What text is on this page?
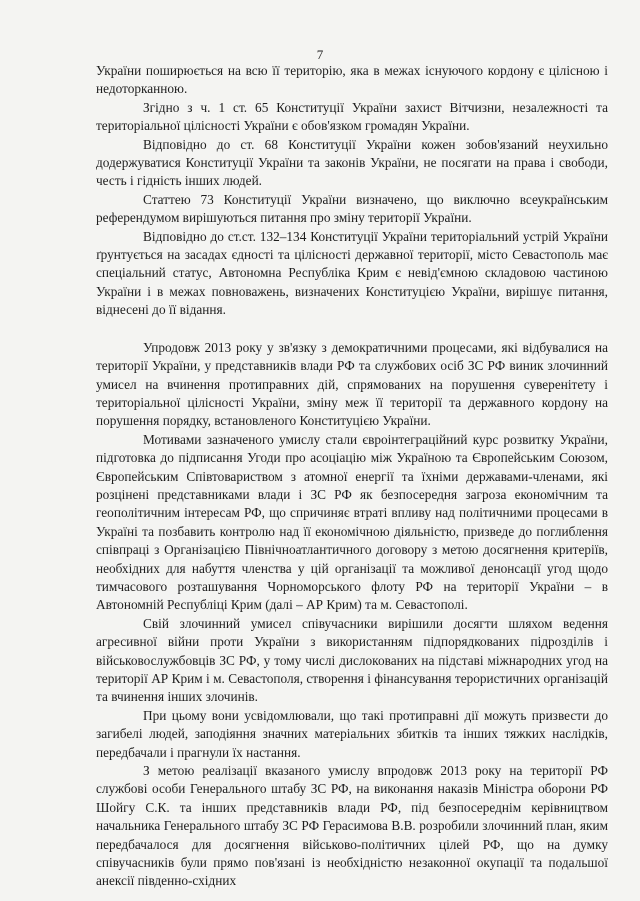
7

України поширюється на всю її територію, яка в межах існуючого кордону є цілісною і недоторканною.

Згідно з ч. 1 ст. 65 Конституції України захист Вітчизни, незалежності та територіальної цілісності України є обов'язком громадян України.

Відповідно до ст. 68 Конституції України кожен зобов'язаний неухильно додержуватися Конституції України та законів України, не посягати на права і свободи, честь і гідність інших людей.

Статтею 73 Конституції України визначено, що виключно всеукраїнським референдумом вирішуються питання про зміну території України.

Відповідно до ст.ст. 132–134 Конституції України територіальний устрій України ґрунтується на засадах єдності та цілісності державної території, місто Севастополь має спеціальний статус, Автономна Республіка Крим є невід'ємною складовою частиною України і в межах повноважень, визначених Конституцією України, вирішує питання, віднесені до її відання.

Упродовж 2013 року у зв'язку з демократичними процесами, які відбувалися на території України, у представників влади РФ та службових осіб ЗС РФ виник злочинний умисел на вчинення протиправних дій, спрямованих на порушення суверенітету і територіальної цілісності України, зміну меж її території та державного кордону на порушення порядку, встановленого Конституцією України.

Мотивами зазначеного умислу стали євроінтеграційний курс розвитку України, підготовка до підписання Угоди про асоціацію між Україною та Європейським Союзом, Європейським Співтовариством з атомної енергії та їхніми державами-членами, які розцінені представниками влади і ЗС РФ як безпосередня загроза економічним та геополітичним інтересам РФ, що спричиняє втраті впливу над політичними процесами в Україні та позбавить контролю над її економічною діяльністю, призведе до поглиблення співпраці з Організацією Північноатлантичного договору з метою досягнення критеріїв, необхідних для набуття членства у цій організації та можливої денонсації угод щодо тимчасового розташування Чорноморського флоту РФ на території України – в Автономній Республіці Крим (далі – АР Крим) та м. Севастополі.

Свій злочинний умисел співучасники вирішили досягти шляхом ведення агресивної війни проти України з використанням підпорядкованих підрозділів і військовослужбовців ЗС РФ, у тому числі дислокованих на підставі міжнародних угод на території АР Крим і м. Севастополя, створення і фінансування терористичних організацій та вчинення інших злочинів.

При цьому вони усвідомлювали, що такі протиправні дії можуть призвести до загибелі людей, заподіяння значних матеріальних збитків та інших тяжких наслідків, передбачали і прагнули їх настання.

З метою реалізації вказаного умислу впродовж 2013 року на території РФ службові особи Генерального штабу ЗС РФ, на виконання наказів Міністра оборони РФ Шойгу С.К. та інших представників влади РФ, під безпосереднім керівництвом начальника Генерального штабу ЗС РФ Герасимова В.В. розробили злочинний план, яким передбачалося для досягнення військово-політичних цілей РФ, що на думку співучасників були прямо пов'язані із необхідністю незаконної окупації та подальшої анексії південно-східних
